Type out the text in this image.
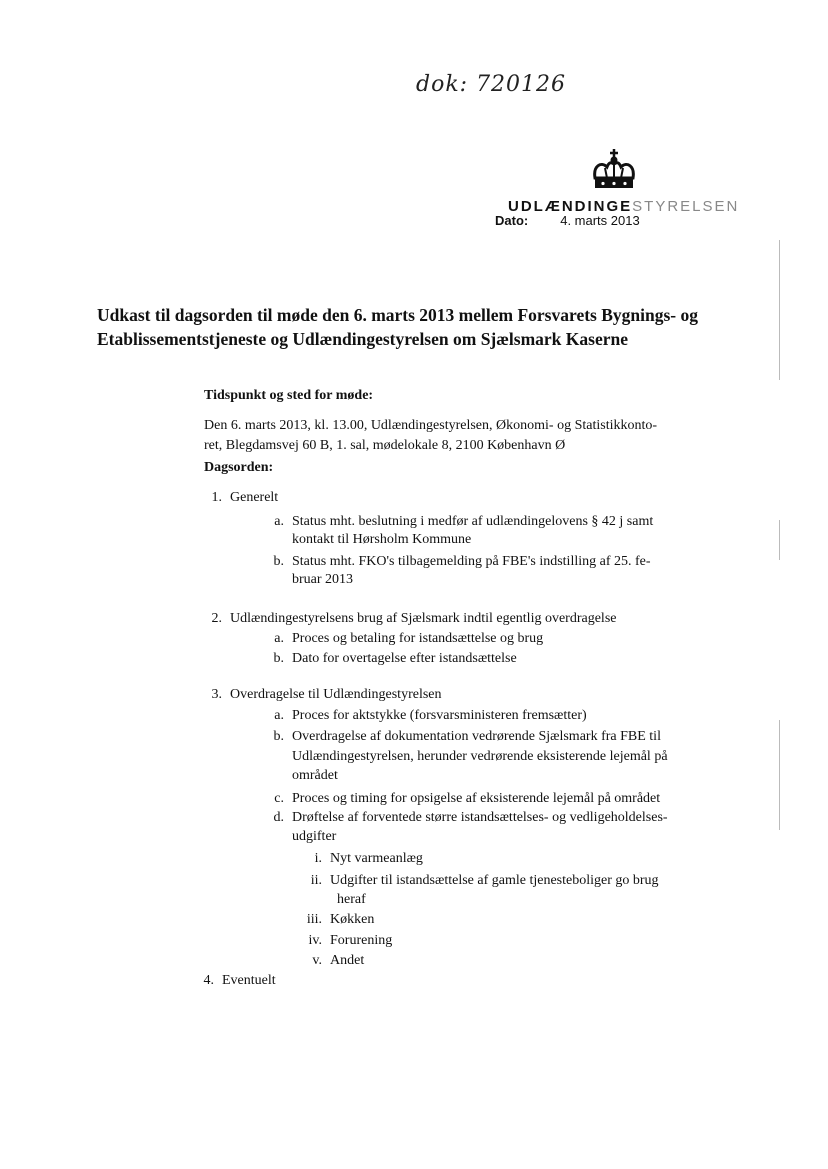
dok: 720126
UDLÆNDINGESTYRELSEN
Dato: 4. marts 2013
Udkast til dagsorden til møde den 6. marts 2013 mellem Forsvarets Bygnings- og
Etablissementstjeneste og Udlændingestyrelsen om Sjælsmark Kaserne
Tidspunkt og sted for møde:
Den 6. marts 2013, kl. 13.00, Udlændingestyrelsen, Økonomi- og Statistikkonto-
ret, Blegdamsvej 60 B, 1. sal, mødelokale 8, 2100 København Ø
Dagsorden:
1. Generelt
a. Status mht. beslutning i medfør af udlændingelovens § 42 j samt
kontakt til Hørsholm Kommune
b. Status mht. FKO's tilbagemelding på FBE's indstilling af 25. fe-
bruar 2013
2. Udlændingestyrelsens brug af Sjælsmark indtil egentlig overdragelse
a. Proces og betaling for istandsættelse og brug
b. Dato for overtagelse efter istandsættelse
3. Overdragelse til Udlændingestyrelsen
a. Proces for aktstykke (forsvarsministeren fremsætter)
b. Overdragelse af dokumentation vedrørende Sjælsmark fra FBE til
Udlændingestyrelsen, herunder vedrørende eksisterende lejemål på
området
c. Proces og timing for opsigelse af eksisterende lejemål på området
d. Drøftelse af forventede større istandsættelses- og vedligeholdelses-
udgifter
i. Nyt varmeanlæg
ii. Udgifter til istandsættelse af gamle tjenesteboliger go brug
heraf
iii. Køkken
iv. Forurening
v. Andet
4. Eventuelt
